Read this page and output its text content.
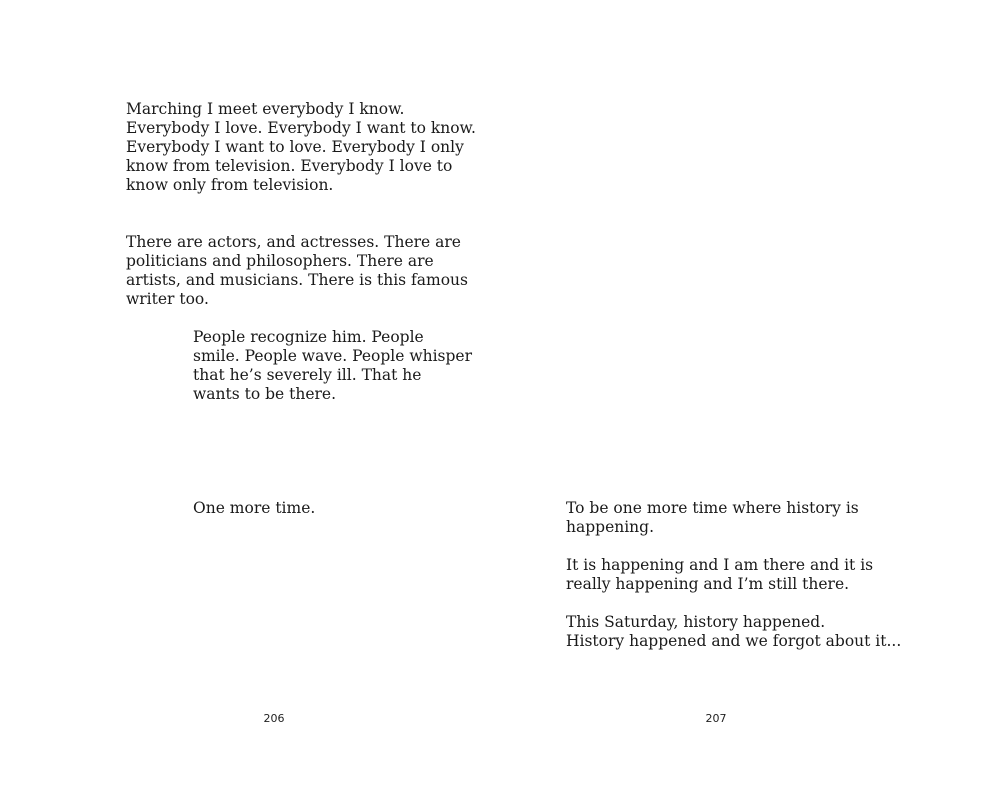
Marching I meet everybody I know.
Everybody I love. Everybody I want to know.
Everybody I want to love. Everybody I only
know from television. Everybody I love to
know only from television.

There are actors, and actresses. There are
politicians and philosophers. There are
artists, and musicians. There is this famous
writer too.

People recognize him. People
smile. People wave. People whisper
that he’s severely ill. That he
wants to be there.

One more time.

206

To be one more time where history is
happening.

It is happening and I am there and it is
really happening and I’m still there.

This Saturday, history happened.
History happened and we forgot about it...

207
